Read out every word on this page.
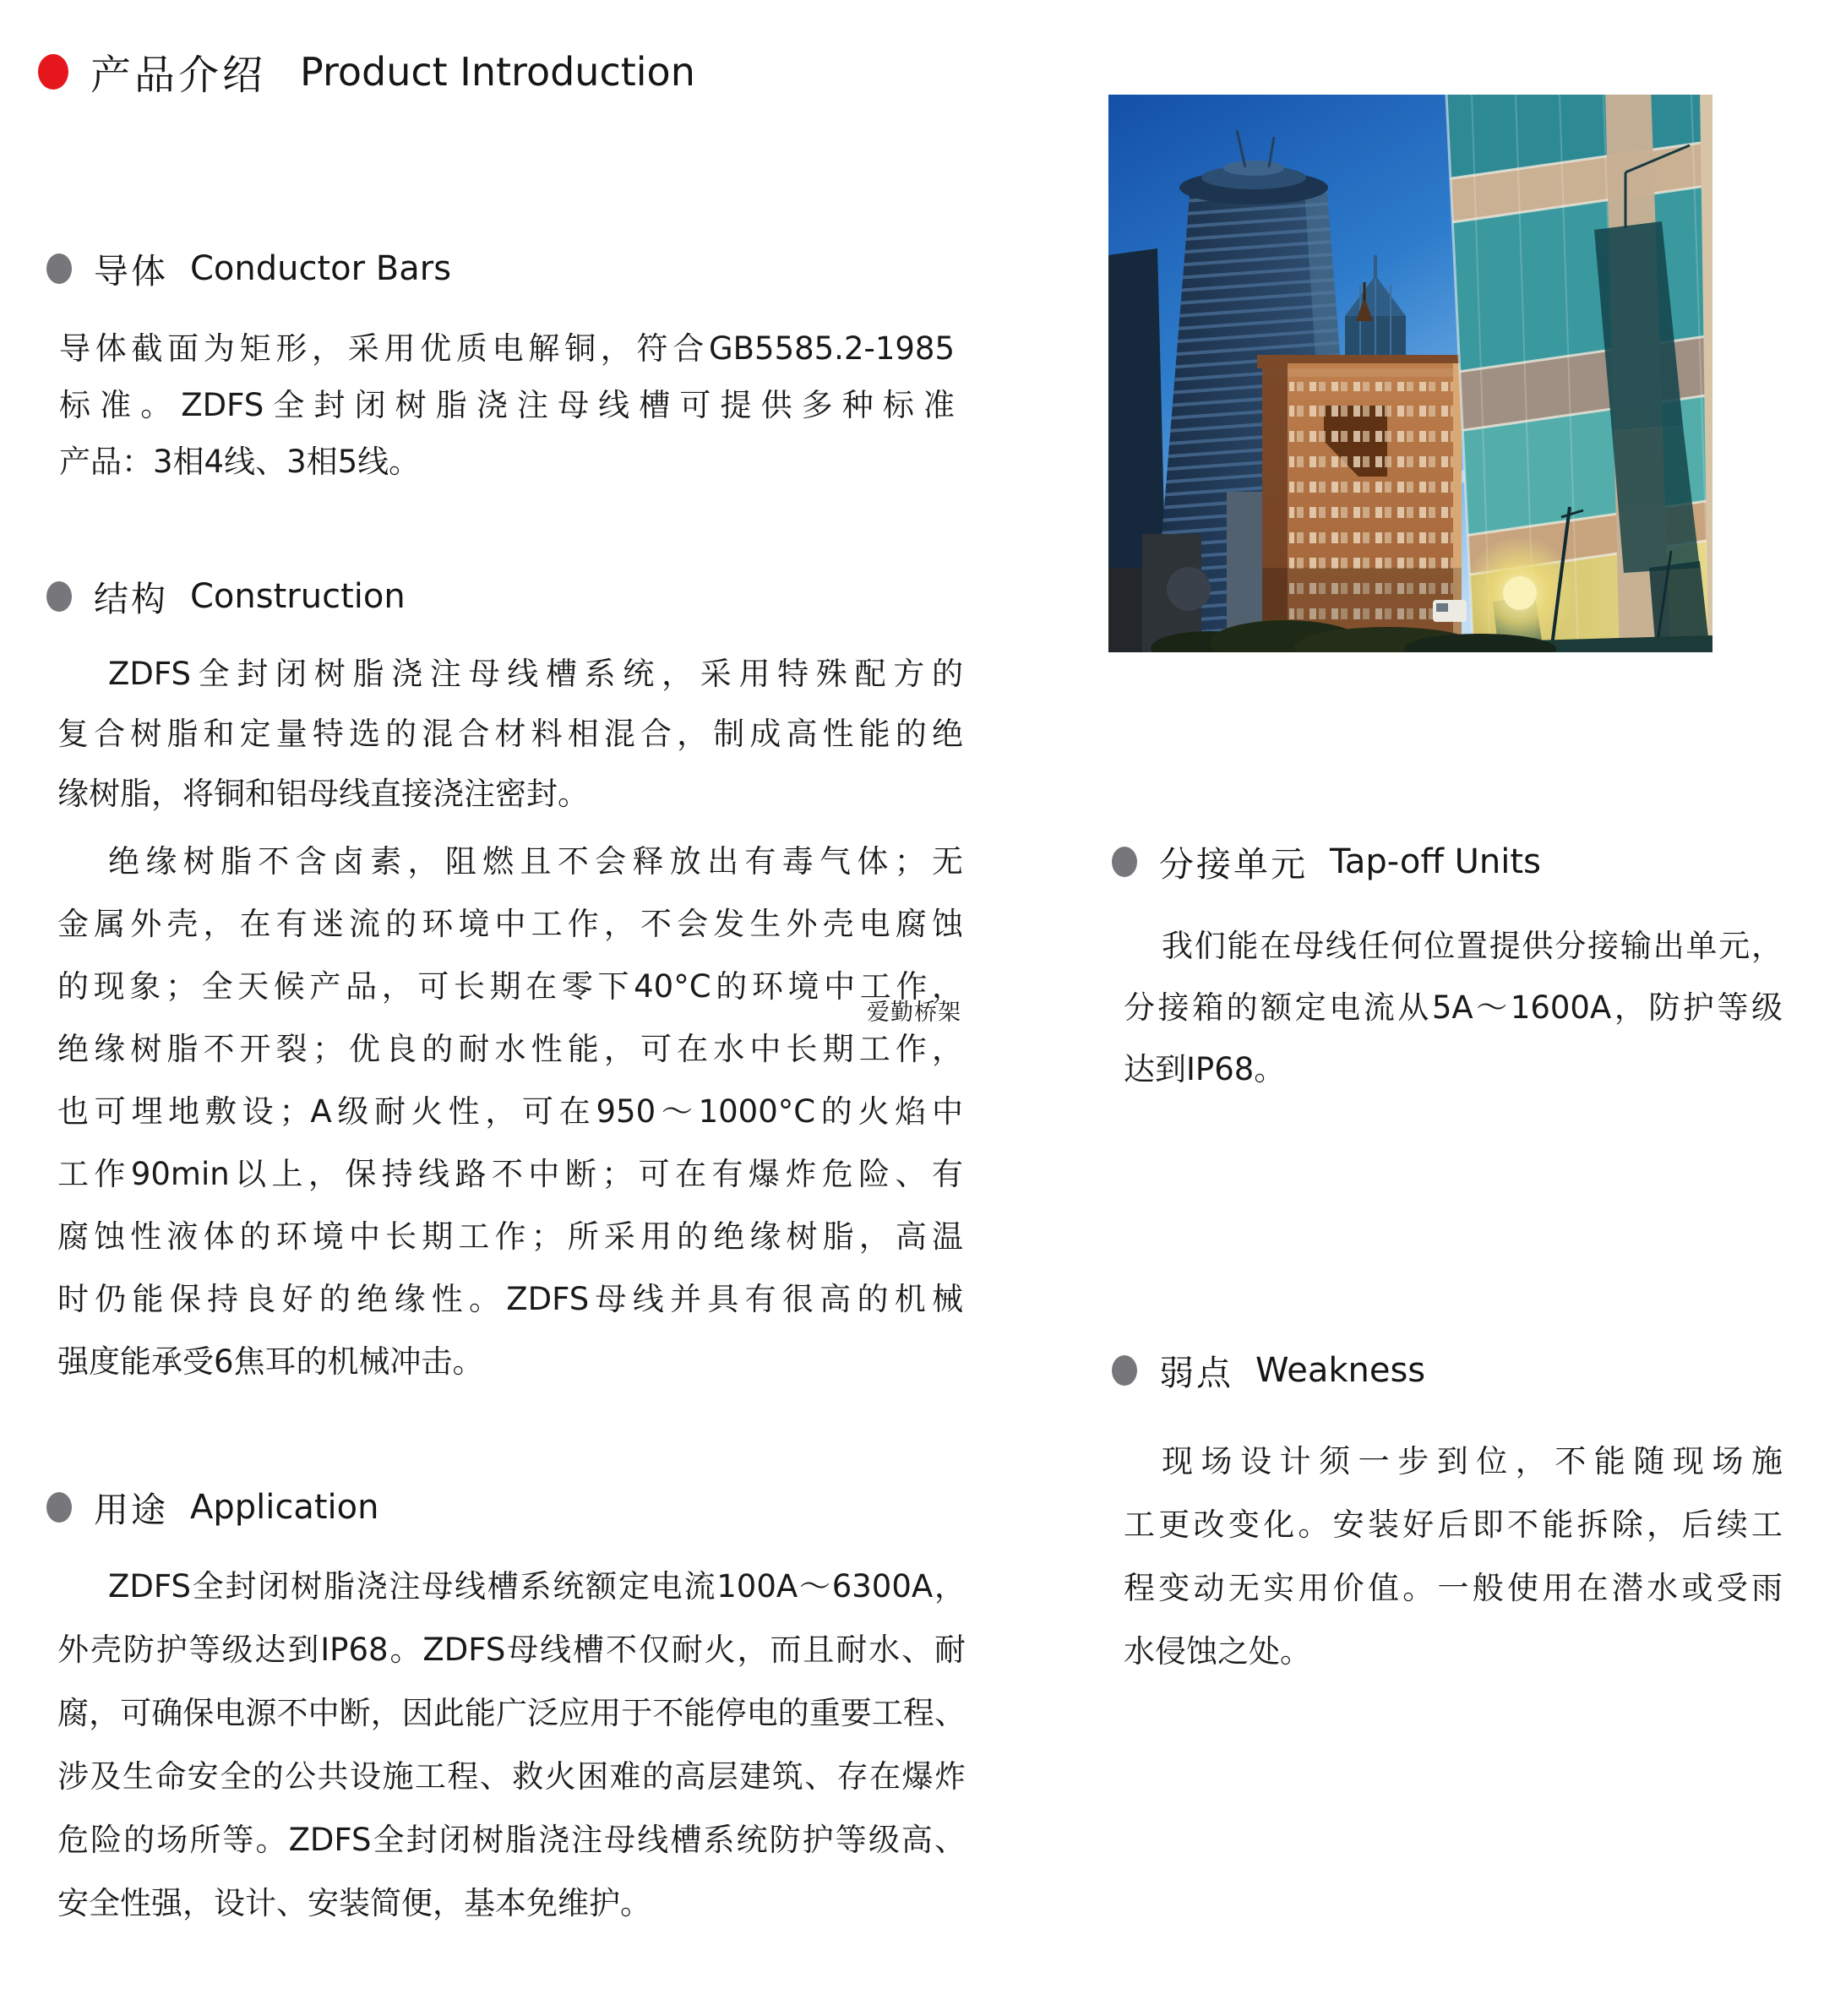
产品介绍 Product Introduction
导体 Conductor Bars
导体截面为矩形，采用优质电解铜，符合GB5585.2-1985
标准。ZDFS全封闭树脂浇注母线槽可提供多种标准
产品：3相4线、3相5线。
结构 Construction
ZDFS全封闭树脂浇注母线槽系统，采用特殊配方的
复合树脂和定量特选的混合材料相混合，制成高性能的绝
缘树脂，将铜和铝母线直接浇注密封。
绝缘树脂不含卤素，阻燃且不会释放出有毒气体；无
金属外壳，在有迷流的环境中工作，不会发生外壳电腐蚀
的现象；全天候产品，可长期在零下40°C的环境中工作，
绝缘树脂不开裂；优良的耐水性能，可在水中长期工作，
也可埋地敷设；A级耐火性，可在950～1000°C的火焰中
工作90min以上，保持线路不中断；可在有爆炸危险、有
腐蚀性液体的环境中长期工作；所采用的绝缘树脂，高温
时仍能保持良好的绝缘性。ZDFS母线并具有很高的机械
强度能承受6焦耳的机械冲击。
用途 Application
ZDFS全封闭树脂浇注母线槽系统额定电流100A～6300A，
外壳防护等级达到IP68。ZDFS母线槽不仅耐火，而且耐水、耐
腐，可确保电源不中断，因此能广泛应用于不能停电的重要工程、
涉及生命安全的公共设施工程、救火困难的高层建筑、存在爆炸
危险的场所等。ZDFS全封闭树脂浇注母线槽系统防护等级高、
安全性强，设计、安装简便，基本免维护。
分接单元 Tap-off Units
我们能在母线任何位置提供分接输出单元，
分接箱的额定电流从5A～1600A，防护等级
达到IP68。
弱点 Weakness
现场设计须一步到位，不能随现场施
工更改变化。安装好后即不能拆除，后续工
程变动无实用价值。一般使用在潜水或受雨
水侵蚀之处。
爱勤桥架
